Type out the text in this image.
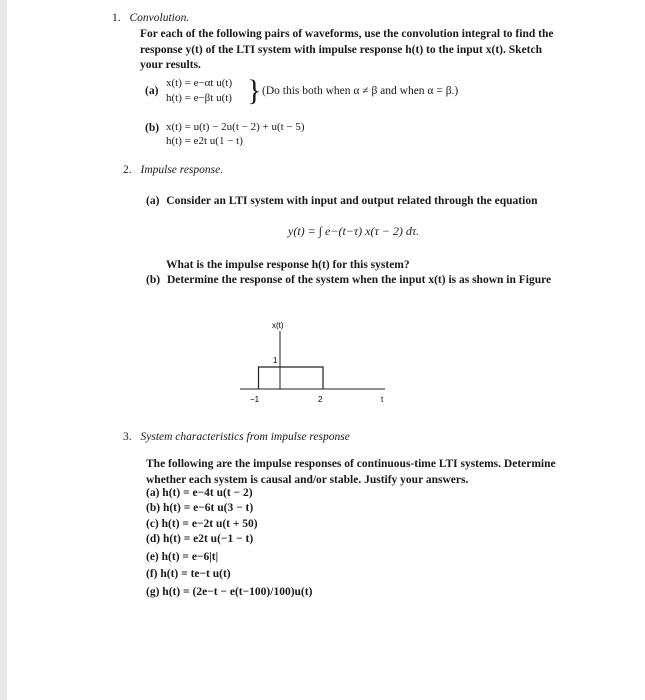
1. Convolution.
For each of the following pairs of waveforms, use the convolution integral to find the
response y(t) of the LTI system with impulse response h(t) to the input x(t). Sketch
your results.
(a)
x(t) = e−αt u(t)
h(t) = e−βt u(t) } (Do this both when α ≠ β and when α = β.)
(b) x(t) = u(t) − 2u(t − 2) + u(t − 5)
h(t) = e2t u(1 − t)
2. Impulse response.
(a) Consider an LTI system with input and output related through the equation
y(t) = ∫ e−(t−τ) x(τ − 2) dτ.
What is the impulse response h(t) for this system?
(b) Determine the response of the system when the input x(t) is as shown in Figure
x(t)
1
−1	2	t
3. System characteristics from impulse response
The following are the impulse responses of continuous-time LTI systems. Determine
whether each system is causal and/or stable. Justify your answers.
(a) h(t) = e−4t u(t − 2)
(b) h(t) = e−6t u(3 − t)
(c) h(t) = e−2t u(t + 50)
(d) h(t) = e2t u(−1 − t)
(e) h(t) = e−6|t|
(f) h(t) = te−t u(t)
(g) h(t) = (2e−t − e(t−100)/100)u(t)
